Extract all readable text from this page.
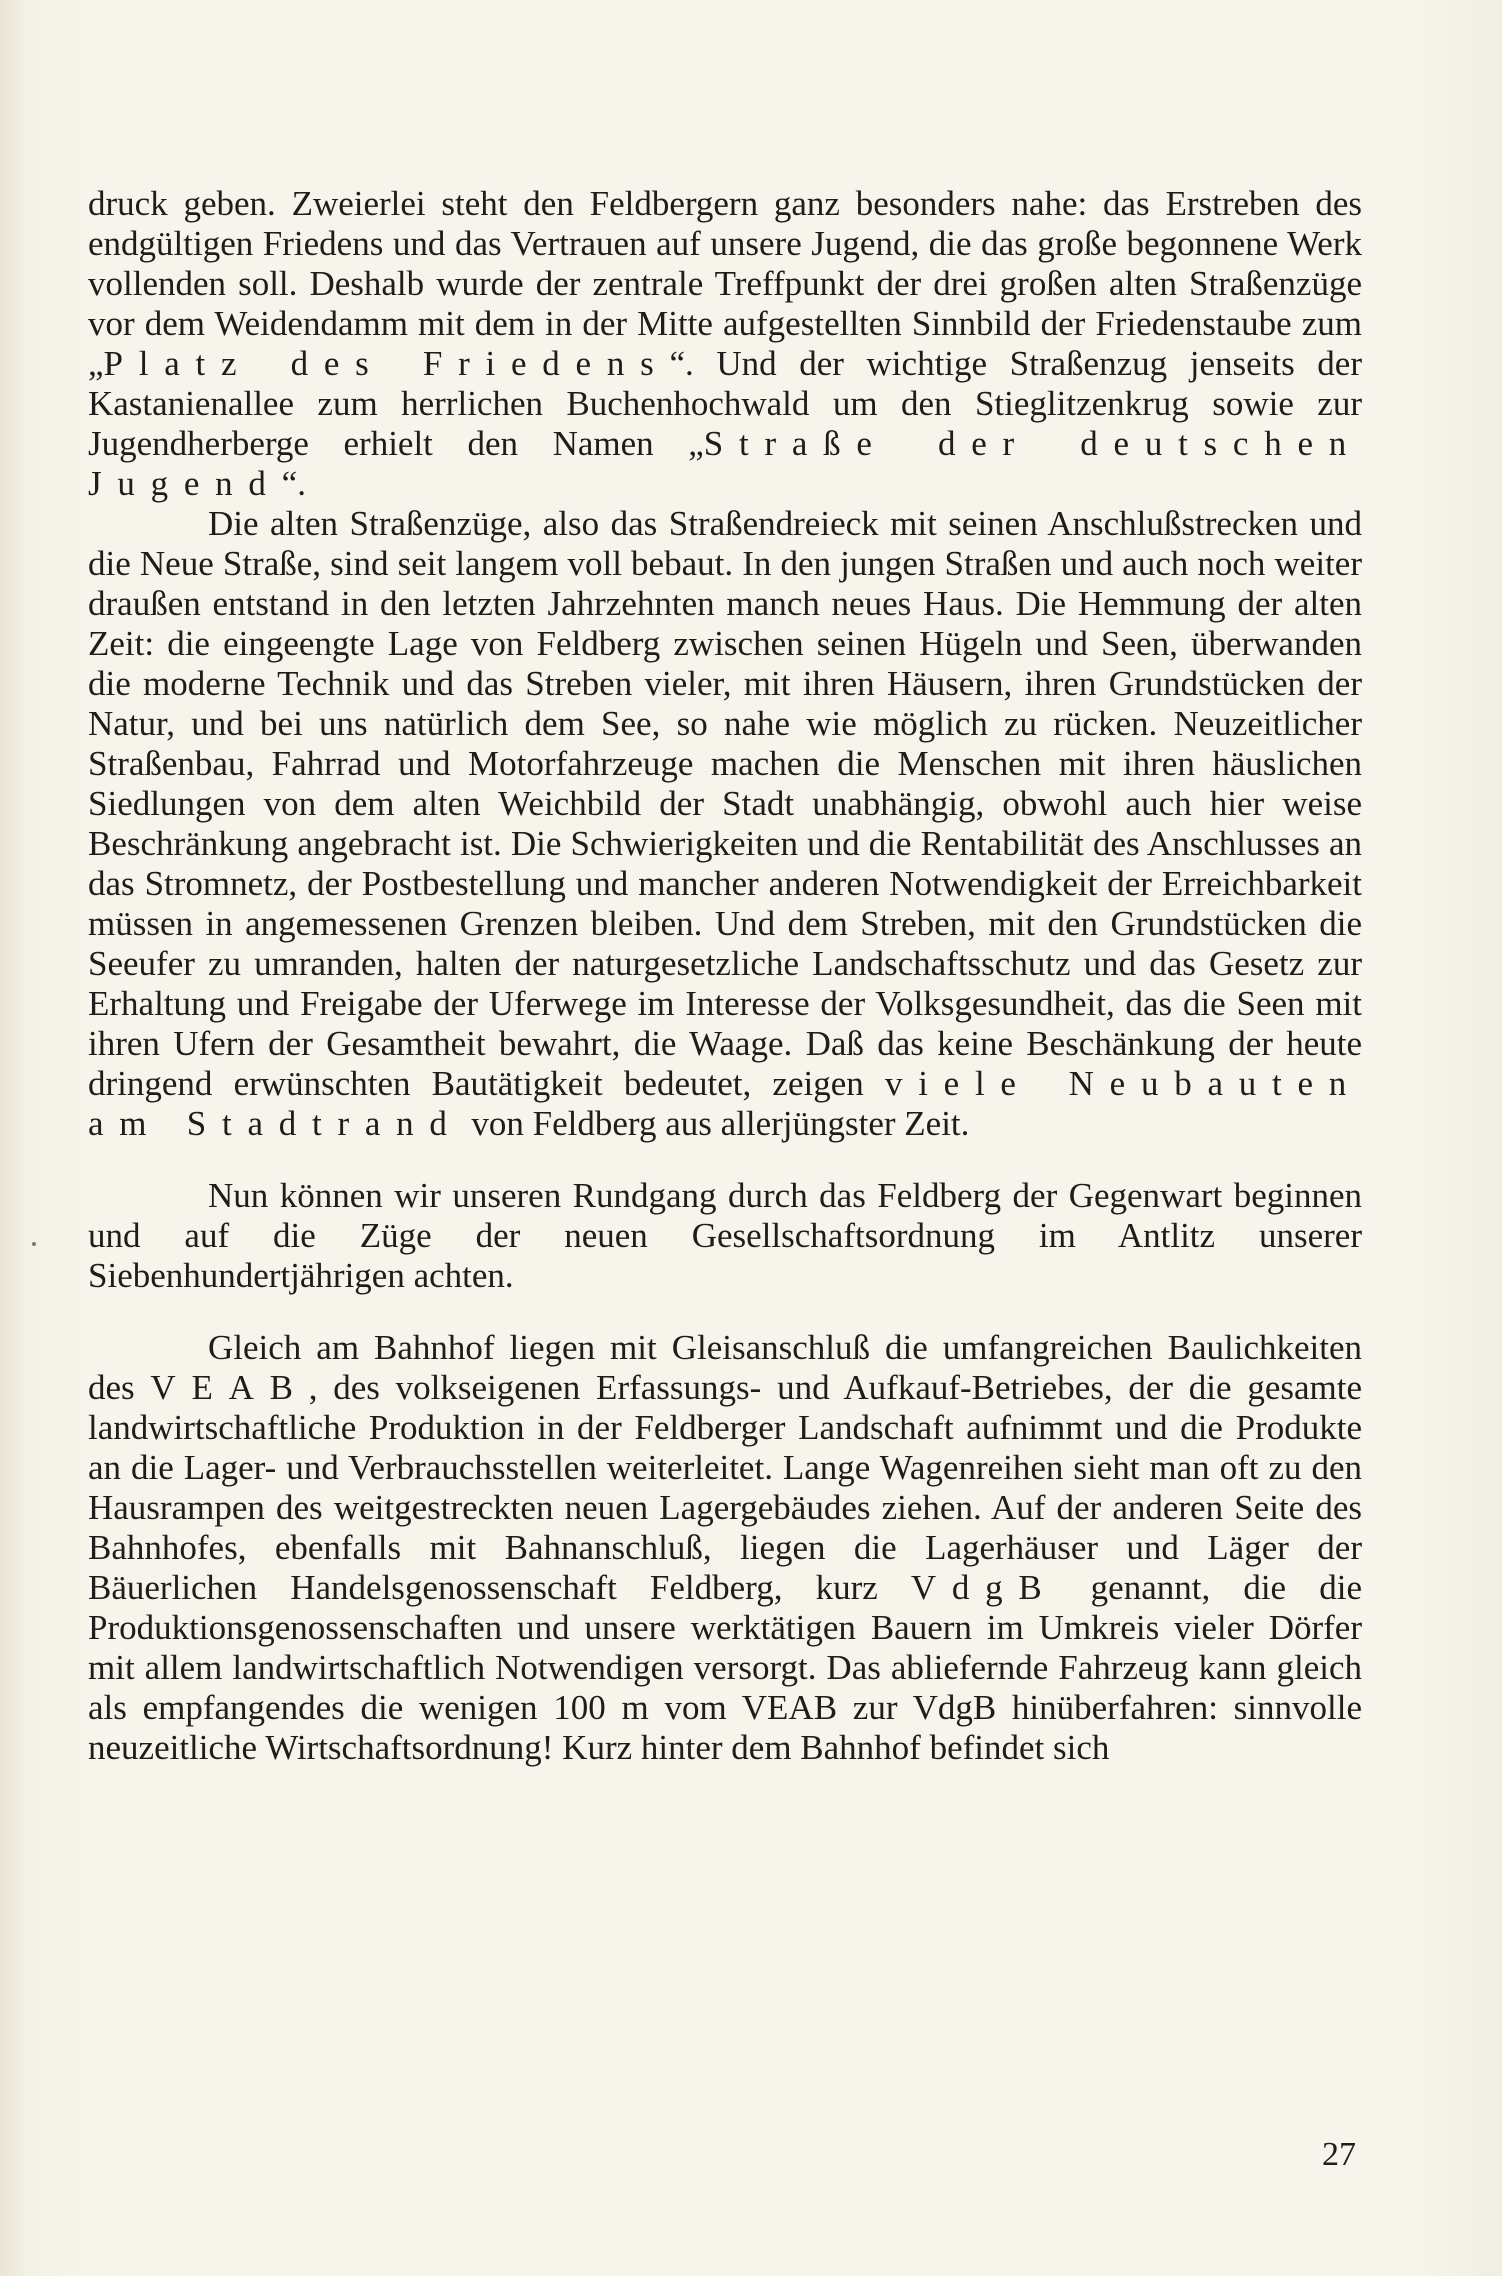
druck geben. Zweierlei steht den Feldbergern ganz besonders nahe: das Erstreben des endgültigen Friedens und das Vertrauen auf unsere Jugend, die das große begonnene Werk vollenden soll. Deshalb wurde der zentrale Treffpunkt der drei großen alten Straßenzüge vor dem Weidendamm mit dem in der Mitte aufgestellten Sinnbild der Friedenstaube zum „Platz des Friedens“. Und der wichtige Straßenzug jenseits der Kastanienallee zum herrlichen Buchenhochwald um den Stieglitzenkrug sowie zur Jugendherberge erhielt den Namen „Straße der deutschen Jugend“.

Die alten Straßenzüge, also das Straßendreieck mit seinen Anschlußstrecken und die Neue Straße, sind seit langem voll bebaut. In den jungen Straßen und auch noch weiter draußen entstand in den letzten Jahrzehnten manch neues Haus. Die Hemmung der alten Zeit: die eingeengte Lage von Feldberg zwischen seinen Hügeln und Seen, überwanden die moderne Technik und das Streben vieler, mit ihren Häusern, ihren Grundstücken der Natur, und bei uns natürlich dem See, so nahe wie möglich zu rücken. Neuzeitlicher Straßenbau, Fahrrad und Motorfahrzeuge machen die Menschen mit ihren häuslichen Siedlungen von dem alten Weichbild der Stadt unabhängig, obwohl auch hier weise Beschränkung angebracht ist. Die Schwierigkeiten und die Rentabilität des Anschlusses an das Stromnetz, der Postbestellung und mancher anderen Notwendigkeit der Erreichbarkeit müssen in angemessenen Grenzen bleiben. Und dem Streben, mit den Grundstücken die Seeufer zu umranden, halten der naturgesetzliche Landschaftsschutz und das Gesetz zur Erhaltung und Freigabe der Uferwege im Interesse der Volksgesundheit, das die Seen mit ihren Ufern der Gesamtheit bewahrt, die Waage. Daß das keine Beschänkung der heute dringend erwünschten Bautätigkeit bedeutet, zeigen viele Neubauten am Stadtrand von Feldberg aus allerjüngster Zeit.

Nun können wir unseren Rundgang durch das Feldberg der Gegenwart beginnen und auf die Züge der neuen Gesellschaftsordnung im Antlitz unserer Siebenhundertjährigen achten.

Gleich am Bahnhof liegen mit Gleisanschluß die umfangreichen Baulichkeiten des VEAB, des volkseigenen Erfassungs- und Aufkauf-Betriebes, der die gesamte landwirtschaftliche Produktion in der Feldberger Landschaft aufnimmt und die Produkte an die Lager- und Verbrauchsstellen weiterleitet. Lange Wagenreihen sieht man oft zu den Hausrampen des weitgestreckten neuen Lagergebäudes ziehen. Auf der anderen Seite des Bahnhofes, ebenfalls mit Bahnanschluß, liegen die Lagerhäuser und Läger der Bäuerlichen Handelsgenossenschaft Feldberg, kurz VdgB genannt, die die Produktionsgenossenschaften und unsere werktätigen Bauern im Umkreis vieler Dörfer mit allem landwirtschaftlich Notwendigen versorgt. Das abliefernde Fahrzeug kann gleich als empfangendes die wenigen 100 m vom VEAB zur VdgB hinüberfahren: sinnvolle neuzeitliche Wirtschaftsordnung! Kurz hinter dem Bahnhof befindet sich

27
